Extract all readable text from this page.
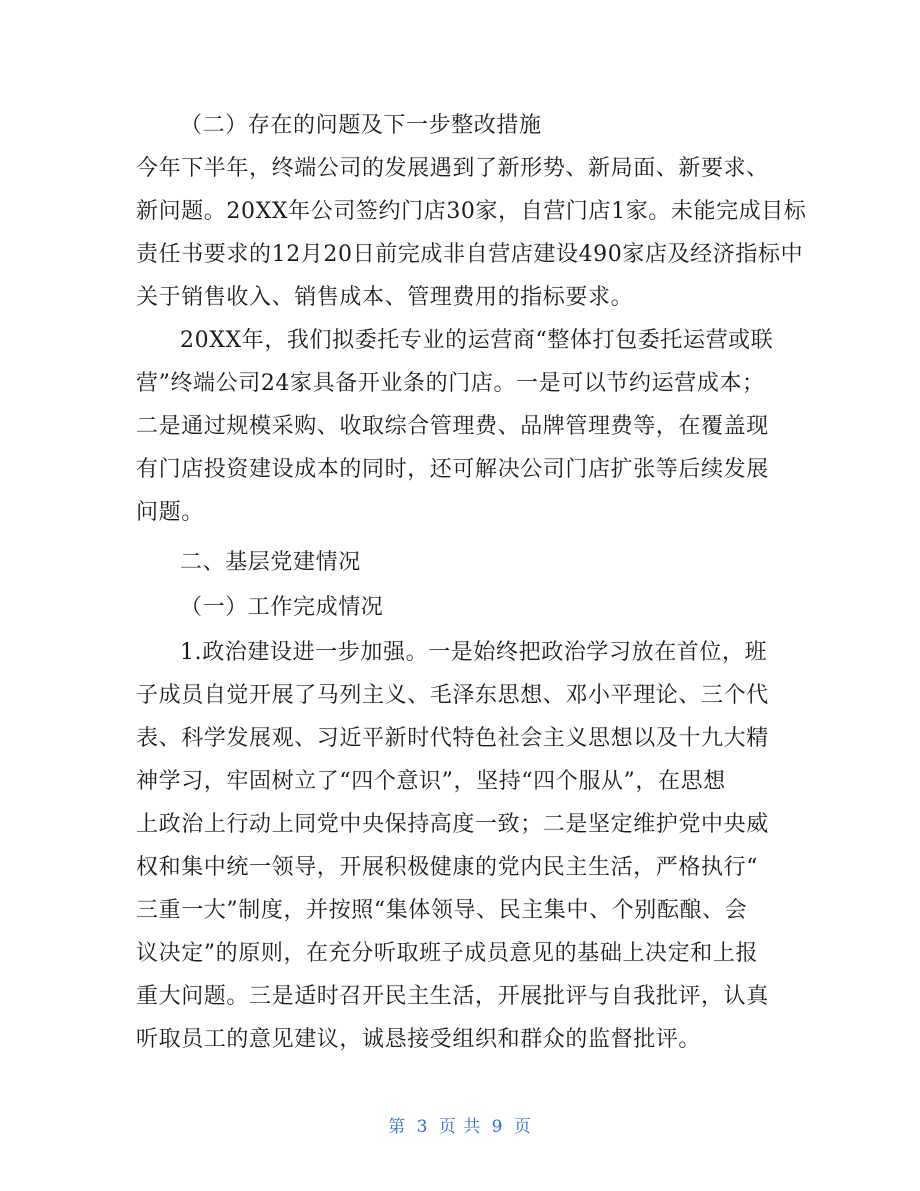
（二）存在的问题及下一步整改措施
今年下半年，终端公司的发展遇到了新形势、新局面、新要求、
新问题。20XX年公司签约门店30家，自营门店1家。未能完成目标
责任书要求的12月20日前完成非自营店建设490家店及经济指标中
关于销售收入、销售成本、管理费用的指标要求。
20XX年，我们拟委托专业的运营商“整体打包委托运营或联
营”终端公司24家具备开业条的门店。一是可以节约运营成本；
二是通过规模采购、收取综合管理费、品牌管理费等，在覆盖现
有门店投资建设成本的同时，还可解决公司门店扩张等后续发展
问题。
二、基层党建情况
（一）工作完成情况
1.政治建设进一步加强。一是始终把政治学习放在首位，班
子成员自觉开展了马列主义、毛泽东思想、邓小平理论、三个代
表、科学发展观、习近平新时代特色社会主义思想以及十九大精
神学习，牢固树立了“四个意识”，坚持“四个服从”，在思想
上政治上行动上同党中央保持高度一致；二是坚定维护党中央威
权和集中统一领导，开展积极健康的党内民主生活，严格执行“
三重一大”制度，并按照“集体领导、民主集中、个别酝酿、会
议决定”的原则，在充分听取班子成员意见的基础上决定和上报
重大问题。三是适时召开民主生活，开展批评与自我批评，认真
听取员工的意见建议，诚恳接受组织和群众的监督批评。
第 3 页 共 9 页
